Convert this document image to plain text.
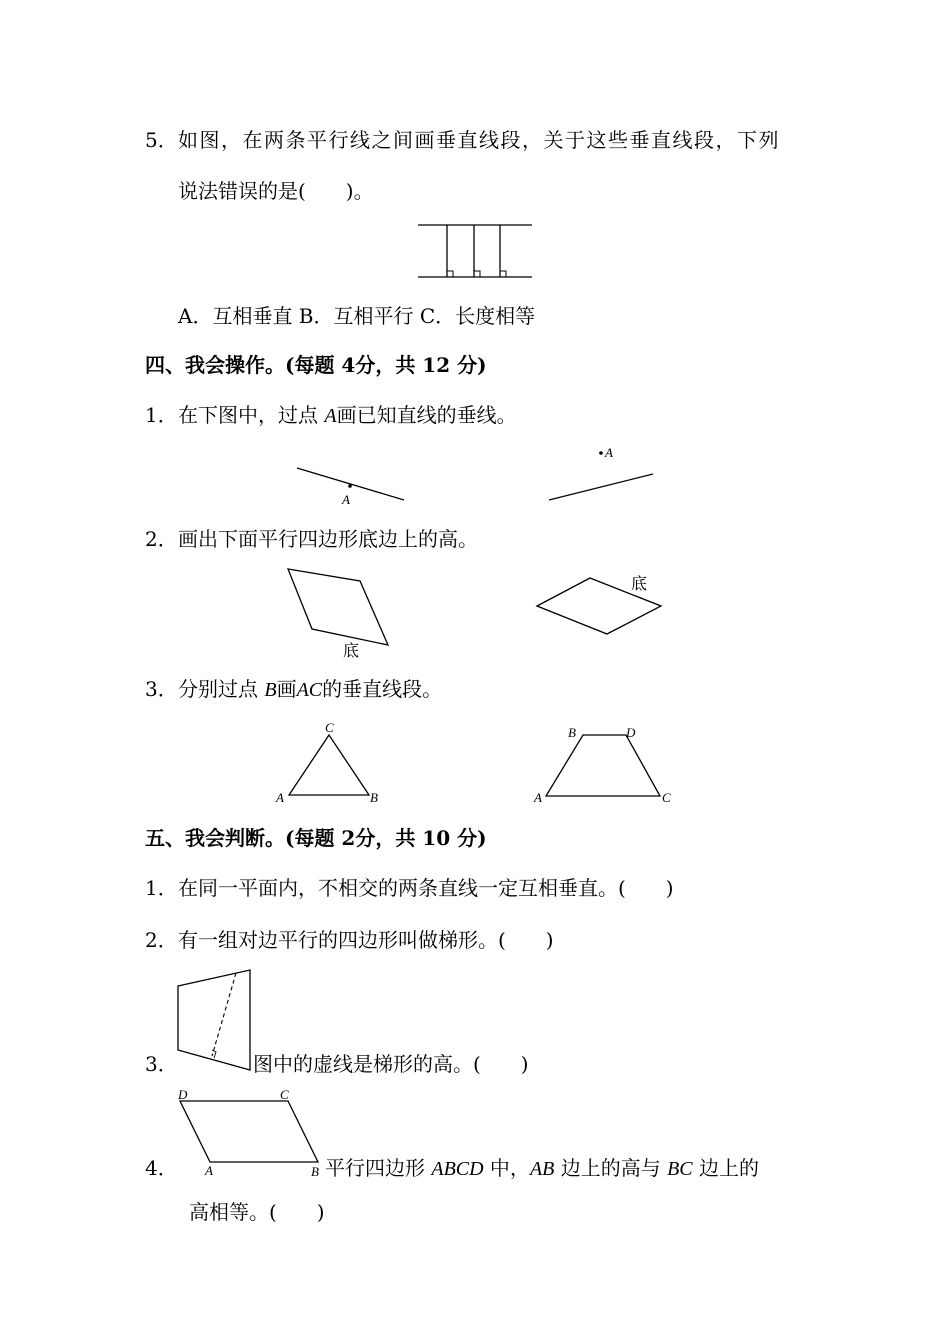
5． 如图，在两条平行线之间画垂直线段，关于这些垂直线段，下列
说法错误的是(　　)。
A．互相垂直 B．互相平行 C．长度相等
四、我会操作。(每题 4分，共 12 分)
1． 在下图中，过点 A画已知直线的垂线。
A
A
2． 画出下面平行四边形底边上的高。
底
底
3． 分别过点 B画AC的垂直线段。
C
A	B
B	D
A	C
五、我会判断。(每题 2分，共 10 分)
1． 在同一平面内，不相交的两条直线一定互相垂直。(　　)
2． 有一组对边平行的四边形叫做梯形。(　　)
3．	图中的虚线是梯形的高。(　　)
D	C
A	B
4．	平行四边形 ABCD 中，AB 边上的高与 BC 边上的
高相等。(　　)
